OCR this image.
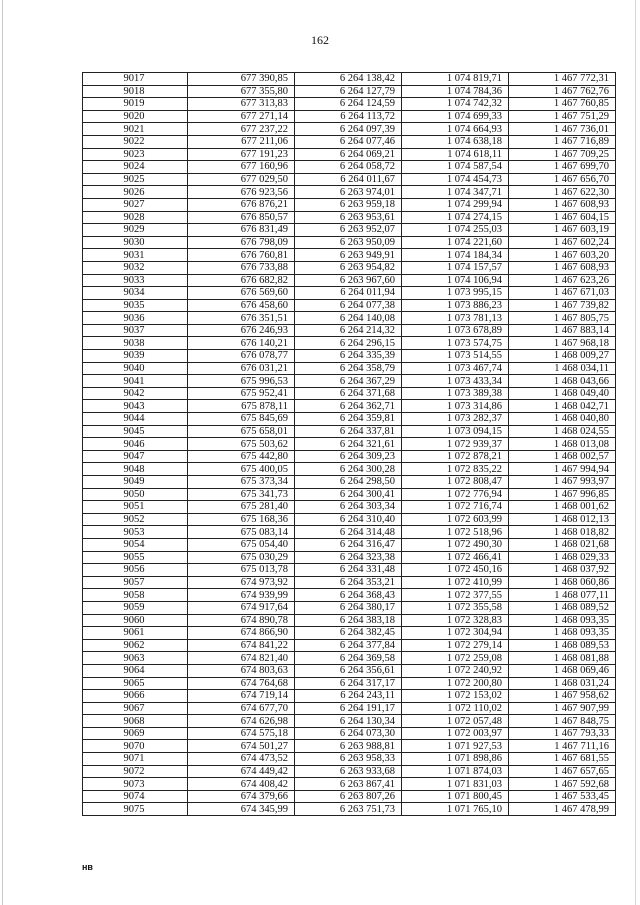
162
9017	677 390,85	6 264 138,42	1 074 819,71	1 467 772,31
9018	677 355,80	6 264 127,79	1 074 784,36	1 467 762,76
9019	677 313,83	6 264 124,59	1 074 742,32	1 467 760,85
9020	677 271,14	6 264 113,72	1 074 699,33	1 467 751,29
9021	677 237,22	6 264 097,39	1 074 664,93	1 467 736,01
9022	677 211,06	6 264 077,46	1 074 638,18	1 467 716,89
9023	677 191,23	6 264 069,21	1 074 618,11	1 467 709,25
9024	677 160,96	6 264 058,72	1 074 587,54	1 467 699,70
9025	677 029,50	6 264 011,67	1 074 454,73	1 467 656,70
9026	676 923,56	6 263 974,01	1 074 347,71	1 467 622,30
9027	676 876,21	6 263 959,18	1 074 299,94	1 467 608,93
9028	676 850,57	6 263 953,61	1 074 274,15	1 467 604,15
9029	676 831,49	6 263 952,07	1 074 255,03	1 467 603,19
9030	676 798,09	6 263 950,09	1 074 221,60	1 467 602,24
9031	676 760,81	6 263 949,91	1 074 184,34	1 467 603,20
9032	676 733,88	6 263 954,82	1 074 157,57	1 467 608,93
9033	676 682,82	6 263 967,60	1 074 106,94	1 467 623,26
9034	676 569,60	6 264 011,94	1 073 995,15	1 467 671,03
9035	676 458,60	6 264 077,38	1 073 886,23	1 467 739,82
9036	676 351,51	6 264 140,08	1 073 781,13	1 467 805,75
9037	676 246,93	6 264 214,32	1 073 678,89	1 467 883,14
9038	676 140,21	6 264 296,15	1 073 574,75	1 467 968,18
9039	676 078,77	6 264 335,39	1 073 514,55	1 468 009,27
9040	676 031,21	6 264 358,79	1 073 467,74	1 468 034,11
9041	675 996,53	6 264 367,29	1 073 433,34	1 468 043,66
9042	675 952,41	6 264 371,68	1 073 389,38	1 468 049,40
9043	675 878,11	6 264 362,71	1 073 314,86	1 468 042,71
9044	675 845,69	6 264 359,81	1 073 282,37	1 468 040,80
9045	675 658,01	6 264 337,81	1 073 094,15	1 468 024,55
9046	675 503,62	6 264 321,61	1 072 939,37	1 468 013,08
9047	675 442,80	6 264 309,23	1 072 878,21	1 468 002,57
9048	675 400,05	6 264 300,28	1 072 835,22	1 467 994,94
9049	675 373,34	6 264 298,50	1 072 808,47	1 467 993,97
9050	675 341,73	6 264 300,41	1 072 776,94	1 467 996,85
9051	675 281,40	6 264 303,34	1 072 716,74	1 468 001,62
9052	675 168,36	6 264 310,40	1 072 603,99	1 468 012,13
9053	675 083,14	6 264 314,48	1 072 518,96	1 468 018,82
9054	675 054,40	6 264 316,47	1 072 490,30	1 468 021,68
9055	675 030,29	6 264 323,38	1 072 466,41	1 468 029,33
9056	675 013,78	6 264 331,48	1 072 450,16	1 468 037,92
9057	674 973,92	6 264 353,21	1 072 410,99	1 468 060,86
9058	674 939,99	6 264 368,43	1 072 377,55	1 468 077,11
9059	674 917,64	6 264 380,17	1 072 355,58	1 468 089,52
9060	674 890,78	6 264 383,18	1 072 328,83	1 468 093,35
9061	674 866,90	6 264 382,45	1 072 304,94	1 468 093,35
9062	674 841,22	6 264 377,84	1 072 279,14	1 468 089,53
9063	674 821,40	6 264 369,58	1 072 259,08	1 468 081,88
9064	674 803,63	6 264 356,61	1 072 240,92	1 468 069,46
9065	674 764,68	6 264 317,17	1 072 200,80	1 468 031,24
9066	674 719,14	6 264 243,11	1 072 153,02	1 467 958,62
9067	674 677,70	6 264 191,17	1 072 110,02	1 467 907,99
9068	674 626,98	6 264 130,34	1 072 057,48	1 467 848,75
9069	674 575,18	6 264 073,30	1 072 003,97	1 467 793,33
9070	674 501,27	6 263 988,81	1 071 927,53	1 467 711,16
9071	674 473,52	6 263 958,33	1 071 898,86	1 467 681,55
9072	674 449,42	6 263 933,68	1 071 874,03	1 467 657,65
9073	674 408,42	6 263 867,41	1 071 831,03	1 467 592,68
9074	674 379,66	6 263 807,26	1 071 800,45	1 467 533,45
9075	674 345,99	6 263 751,73	1 071 765,10	1 467 478,99
нв
